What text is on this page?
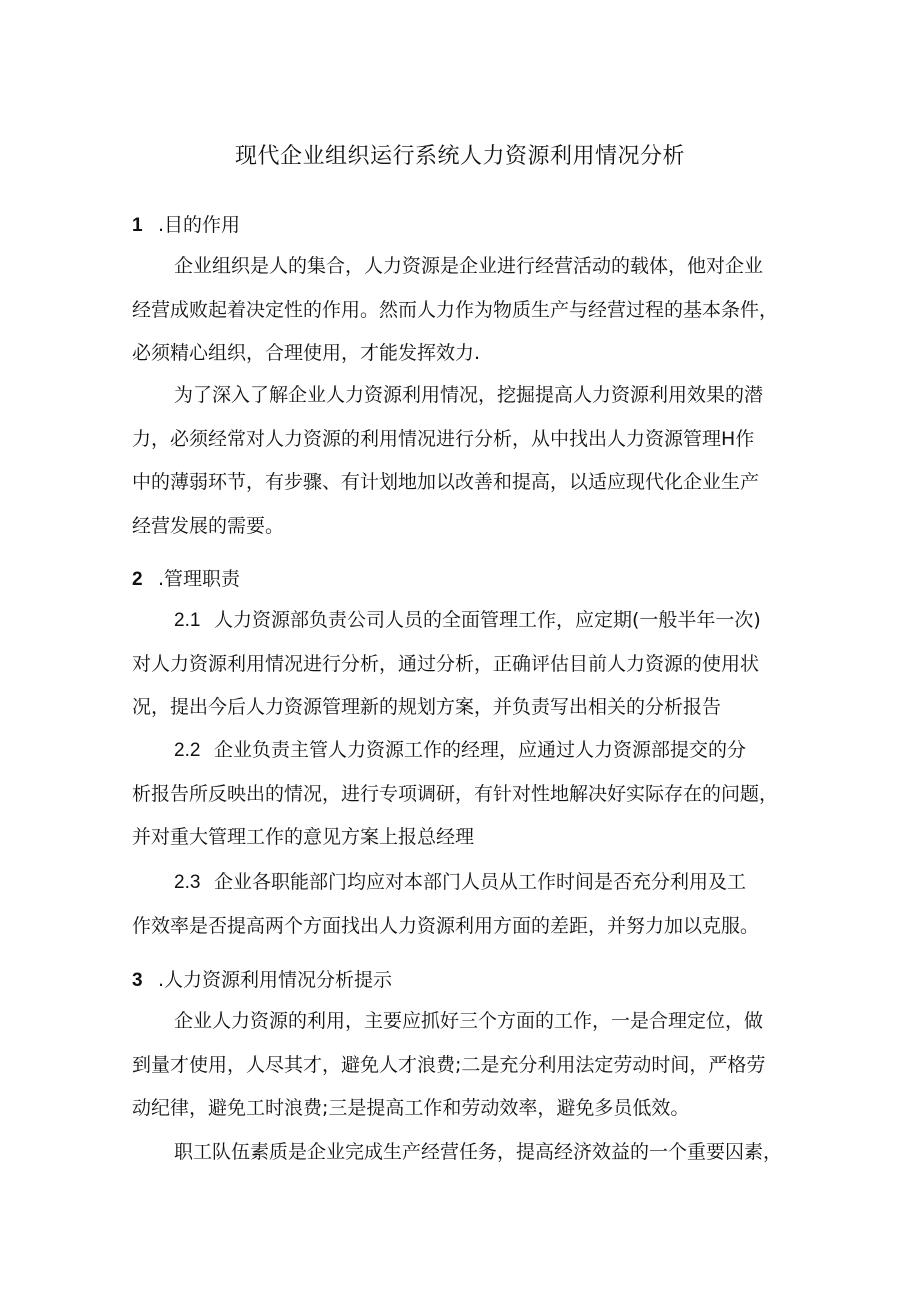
现代企业组织运行系统人力资源利用情况分析
1 .目的作用
企业组织是人的集合，人力资源是企业进行经营活动的载体，他对企业
经营成败起着决定性的作用。然而人力作为物质生产与经营过程的基本条件，
必须精心组织，合理使用，才能发挥效力.
为了深入了解企业人力资源利用情况，挖掘提高人力资源利用效果的潜
力，必须经常对人力资源的利用情况进行分析，从中找出人力资源管理H作
中的薄弱环节，有步骤、有计划地加以改善和提高，以适应现代化企业生产
经营发展的需要。
2 .管理职责
2.1 人力资源部负责公司人员的全面管理工作，应定期(一般半年一次)
对人力资源利用情况进行分析，通过分析，正确评估目前人力资源的使用状
况，提出今后人力资源管理新的规划方案，并负责写出相关的分析报告
2.2 企业负责主管人力资源工作的经理，应通过人力资源部提交的分
析报告所反映出的情况，进行专项调研，有针对性地解决好实际存在的问题，
并对重大管理工作的意见方案上报总经理
2.3 企业各职能部门均应对本部门人员从工作时间是否充分利用及工
作效率是否提高两个方面找出人力资源利用方面的差距，并努力加以克服。
3 .人力资源利用情况分析提示
企业人力资源的利用，主要应抓好三个方面的工作，一是合理定位，做
到量才使用，人尽其才，避免人才浪费;二是充分利用法定劳动时间，严格劳
动纪律，避免工时浪费;三是提高工作和劳动效率，避免多员低效。
职工队伍素质是企业完成生产经营任务，提高经济效益的一个重要囚素，
